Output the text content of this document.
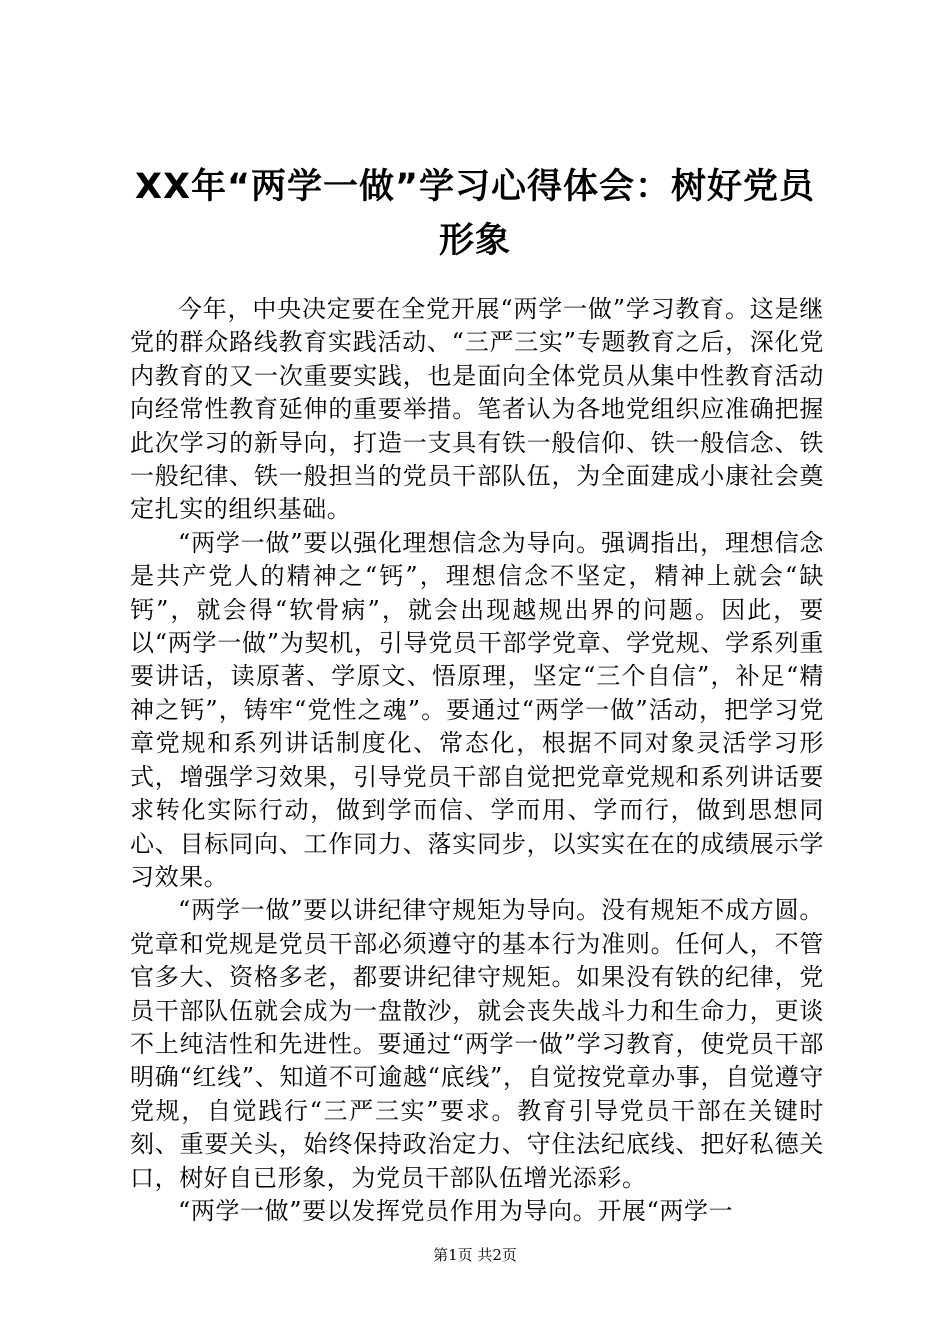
XX年“两学一做”学习心得体会：树好党员形象

今年，中央决定要在全党开展“两学一做”学习教育。这是继党的群众路线教育实践活动、“三严三实”专题教育之后，深化党内教育的又一次重要实践，也是面向全体党员从集中性教育活动向经常性教育延伸的重要举措。笔者认为各地党组织应准确把握此次学习的新导向，打造一支具有铁一般信仰、铁一般信念、铁一般纪律、铁一般担当的党员干部队伍，为全面建成小康社会奠定扎实的组织基础。

“两学一做”要以强化理想信念为导向。强调指出，理想信念是共产党人的精神之“钙”，理想信念不坚定，精神上就会“缺钙”，就会得“软骨病”，就会出现越规出界的问题。因此，要以“两学一做”为契机，引导党员干部学党章、学党规、学系列重要讲话，读原著、学原文、悟原理，坚定“三个自信”，补足“精神之钙”，铸牢“党性之魂”。要通过“两学一做”活动，把学习党章党规和系列讲话制度化、常态化，根据不同对象灵活学习形式，增强学习效果，引导党员干部自觉把党章党规和系列讲话要求转化实际行动，做到学而信、学而用、学而行，做到思想同心、目标同向、工作同力、落实同步，以实实在在的成绩展示学习效果。

“两学一做”要以讲纪律守规矩为导向。没有规矩不成方圆。党章和党规是党员干部必须遵守的基本行为准则。任何人，不管官多大、资格多老，都要讲纪律守规矩。如果没有铁的纪律，党员干部队伍就会成为一盘散沙，就会丧失战斗力和生命力，更谈不上纯洁性和先进性。要通过“两学一做”学习教育，使党员干部明确“红线”、知道不可逾越“底线”，自觉按党章办事，自觉遵守党规，自觉践行“三严三实”要求。教育引导党员干部在关键时刻、重要关头，始终保持政治定力、守住法纪底线、把好私德关口，树好自已形象，为党员干部队伍增光添彩。

“两学一做”要以发挥党员作用为导向。开展“两学一

第1页 共2页
